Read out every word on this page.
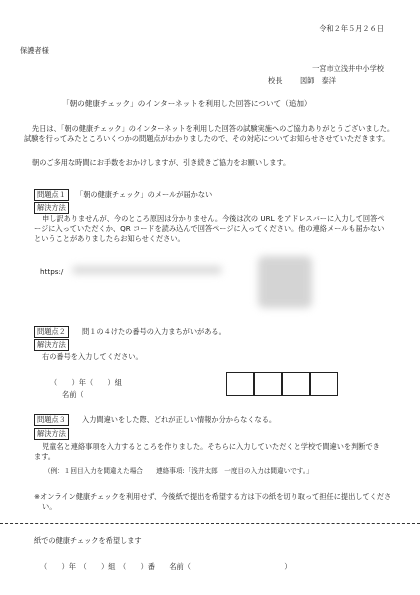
令和２年５月２６日
保護者様
一宮市立浅井中小学校
校長 図師　泰洋
「朝の健康チェック」のインターネットを利用した回答について（追加）
先日は、「朝の健康チェック」のインターネットを利用した回答の試験実施へのご協力ありがとうございました。試験を行ってみたところいくつかの問題点がわかりましたので、その対応についてお知らせさせていただきます。
朝のご多用な時間にお手数をおかけしますが、引き続きご協力をお願いします。
問題点１	「朝の健康チェック」のメールが届かない
解決方法
申し訳ありませんが、今のところ原因は分かりません。今後は次の URL をアドレスバーに入力して回答ページに入っていただくか、QR コードを読み込んで回答ページに入ってください。他の連絡メールも届かないということがありましたらお知らせください。
https:/
問題点２	問１の４けたの番号の入力まちがいがある。
解決方法
右の番号を入力してください。
（　　）年（　　）組
名前（
問題点３	入力間違いをした際、どれが正しい情報か分からなくなる。
解決方法
児童名と連絡事項を入力するところを作りました。そちらに入力していただくと学校で間違いを判断できます。
（例：１回目入力を間違えた場合　　連絡事項:「浅井太郎　一度目の入力は間違いです。」
※オンライン健康チェックを利用せず、今後紙で提出を希望する方は下の紙を切り取って担任に提出してください。
紙での健康チェックを希望します
（　　）年　（　　）組　（　　）番　　名前（　　　　　　　　　　　　　）
